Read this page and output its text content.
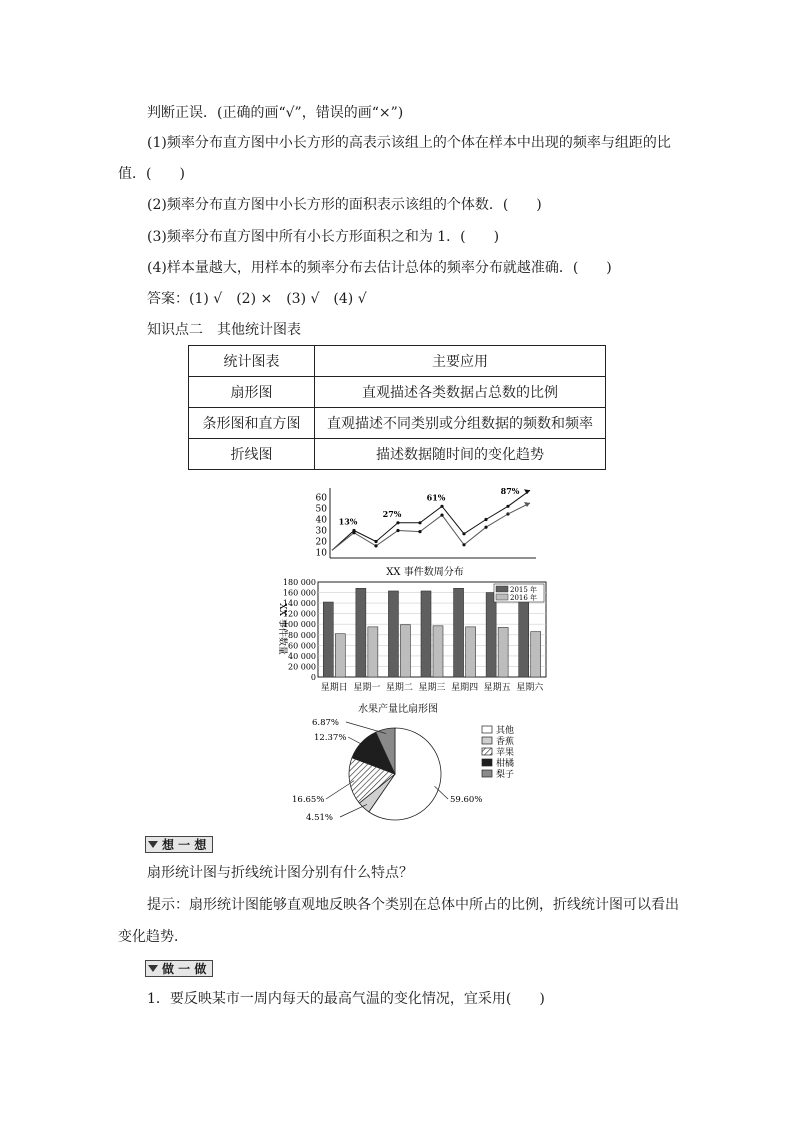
判断正误．(正确的画“√”，错误的画“×”)
(1)频率分布直方图中小长方形的高表示该组上的个体在样本中出现的频率与组距的比
值．(　　)
(2)频率分布直方图中小长方形的面积表示该组的个体数．(　　)
(3)频率分布直方图中所有小长方形面积之和为 1．(　　)
(4)样本量越大，用样本的频率分布去估计总体的频率分布就越准确．(　　)
答案：(1) √　(2) ×　(3) √　(4) √
知识点二　其他统计图表
统计图表	主要应用
扇形图	直观描述各类数据占总数的比例
条形图和直方图	直观描述不同类别或分组数据的频数和频率
折线图	描述数据随时间的变化趋势
10
20
30
40
50
60
13%
27%
61%
87%
XX 事件数周分布
0
20 000
40 000
60 000
80 000
100 000
120 000
140 000
160 000
180 000
XX 事件数量
星期日 星期一 星期二 星期三 星期四 星期五 星期六
2015 年
2016 年
水果产量比扇形图
59.60%
4.51%
16.65%
12.37%
6.87%
其他
香蕉
苹果
柑橘
梨子
想 一 想
扇形统计图与折线统计图分别有什么特点？
提示：扇形统计图能够直观地反映各个类别在总体中所占的比例，折线统计图可以看出
变化趋势．
做 一 做
1．要反映某市一周内每天的最高气温的变化情况，宜采用(　　)
